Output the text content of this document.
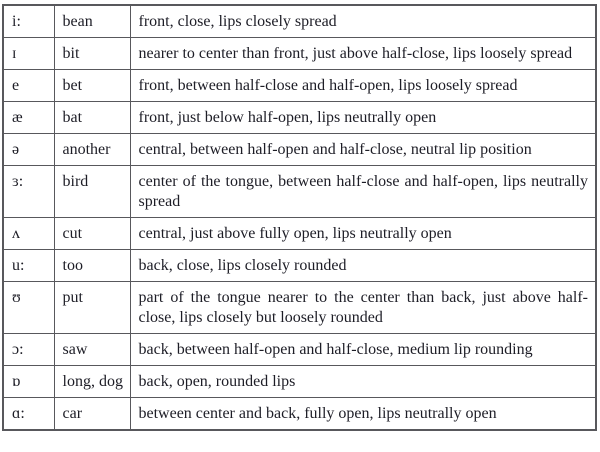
i:	bean	front, close, lips closely spread
ɪ	bit	nearer to center than front, just above half-close, lips loosely spread
e	bet	front, between half-close and half-open, lips loosely spread
æ	bat	front, just below half-open, lips neutrally open
ə	another	central, between half-open and half-close, neutral lip position
ɜ:	bird	center of the tongue, between half-close and half-open, lips neutrally spread
ʌ	cut	central, just above fully open, lips neutrally open
u:	too	back, close, lips closely rounded
ʊ	put	part of the tongue nearer to the center than back, just above half-close, lips closely but loosely rounded
ɔ:	saw	back, between half-open and half-close, medium lip rounding
ɒ	long, dog	back, open, rounded lips
ɑ:	car	between center and back, fully open, lips neutrally open
